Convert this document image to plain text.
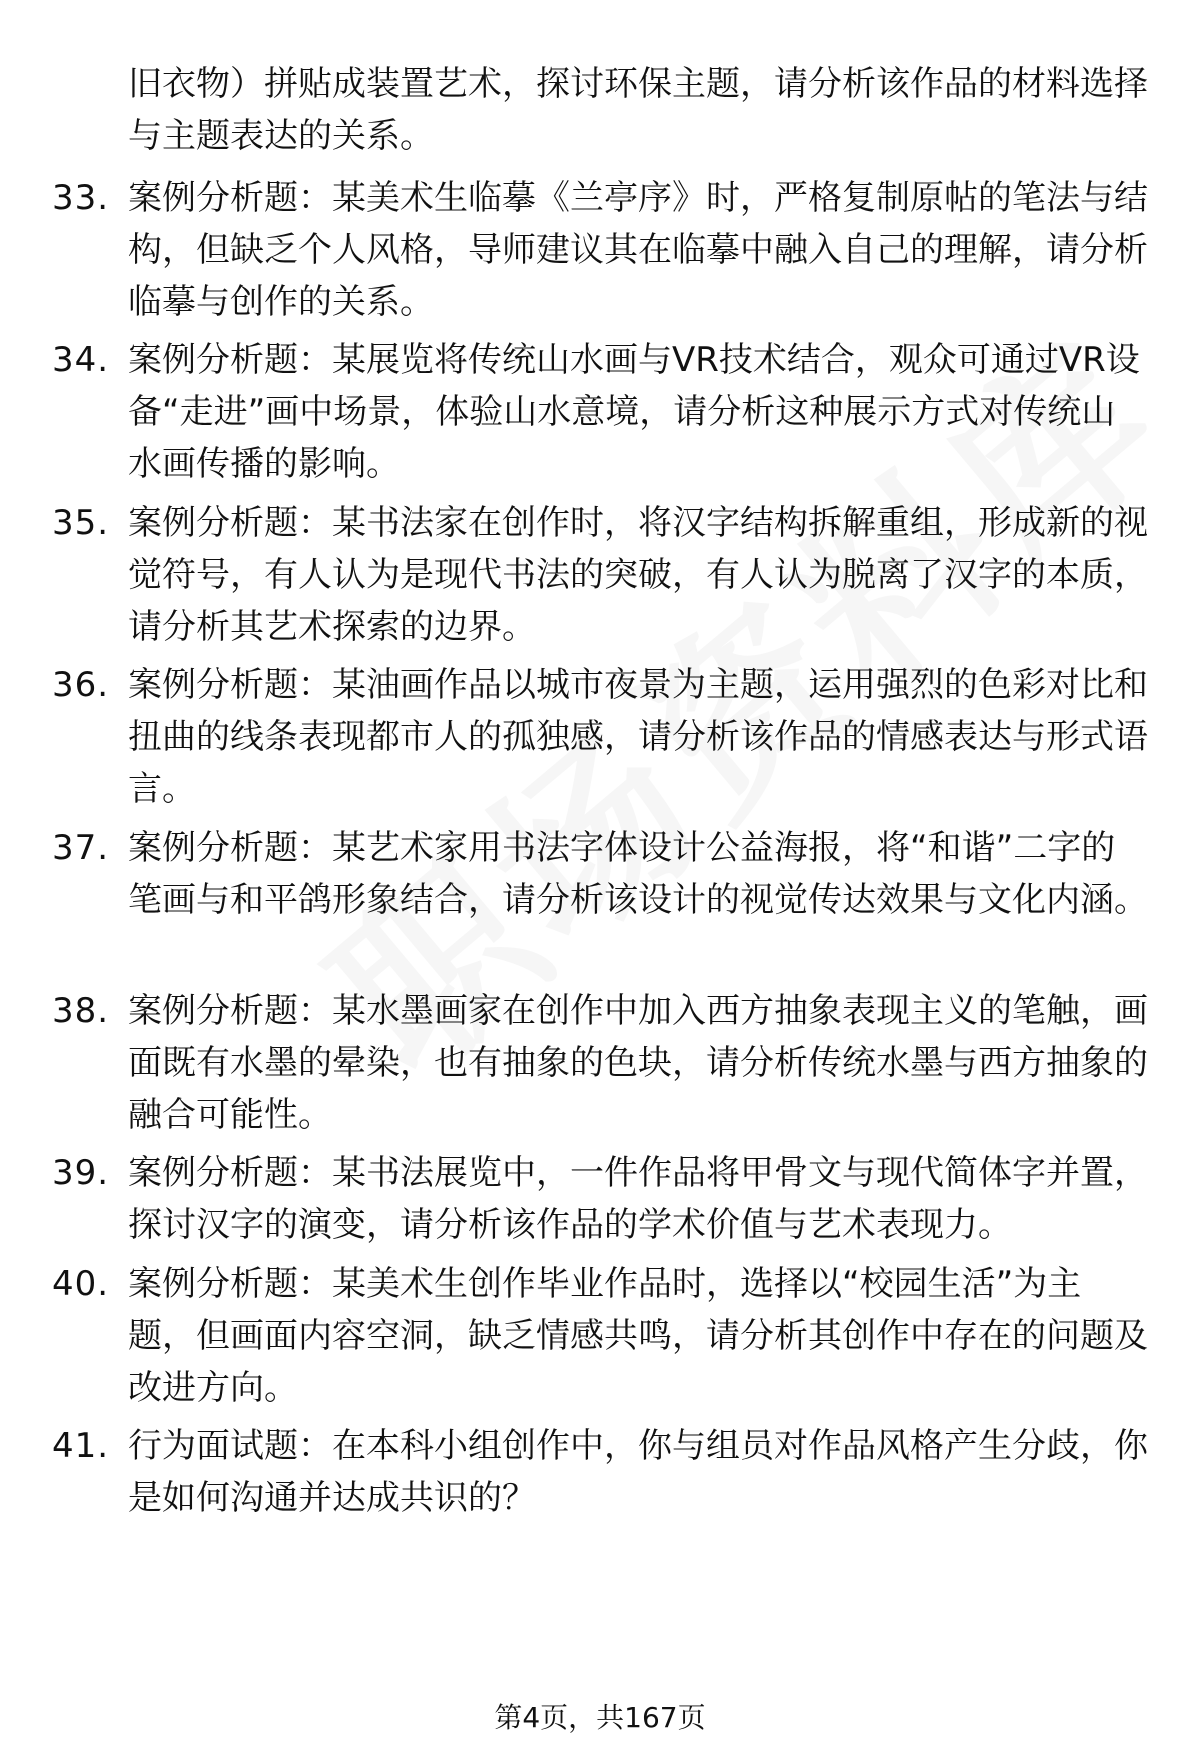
旧衣物）拼贴成装置艺术，探讨环保主题，请分析该作品的材料选择与主题表达的关系。
33. 案例分析题：某美术生临摹《兰亭序》时，严格复制原帖的笔法与结构，但缺乏个人风格，导师建议其在临摹中融入自己的理解，请分析临摹与创作的关系。
34. 案例分析题：某展览将传统山水画与VR技术结合，观众可通过VR设备“走进”画中场景，体验山水意境，请分析这种展示方式对传统山水画传播的影响。
35. 案例分析题：某书法家在创作时，将汉字结构拆解重组，形成新的视觉符号，有人认为是现代书法的突破，有人认为脱离了汉字的本质，请分析其艺术探索的边界。
36. 案例分析题：某油画作品以城市夜景为主题，运用强烈的色彩对比和扭曲的线条表现都市人的孤独感，请分析该作品的情感表达与形式语言。
37. 案例分析题：某艺术家用书法字体设计公益海报，将“和谐”二字的笔画与和平鸽形象结合，请分析该设计的视觉传达效果与文化内涵。
38. 案例分析题：某水墨画家在创作中加入西方抽象表现主义的笔触，画面既有水墨的晕染，也有抽象的色块，请分析传统水墨与西方抽象的融合可能性。
39. 案例分析题：某书法展览中，一件作品将甲骨文与现代简体字并置，探讨汉字的演变，请分析该作品的学术价值与艺术表现力。
40. 案例分析题：某美术生创作毕业作品时，选择以“校园生活”为主题，但画面内容空洞，缺乏情感共鸣，请分析其创作中存在的问题及改进方向。
41. 行为面试题：在本科小组创作中，你与组员对作品风格产生分歧，你是如何沟通并达成共识的？
第4页，共167页
